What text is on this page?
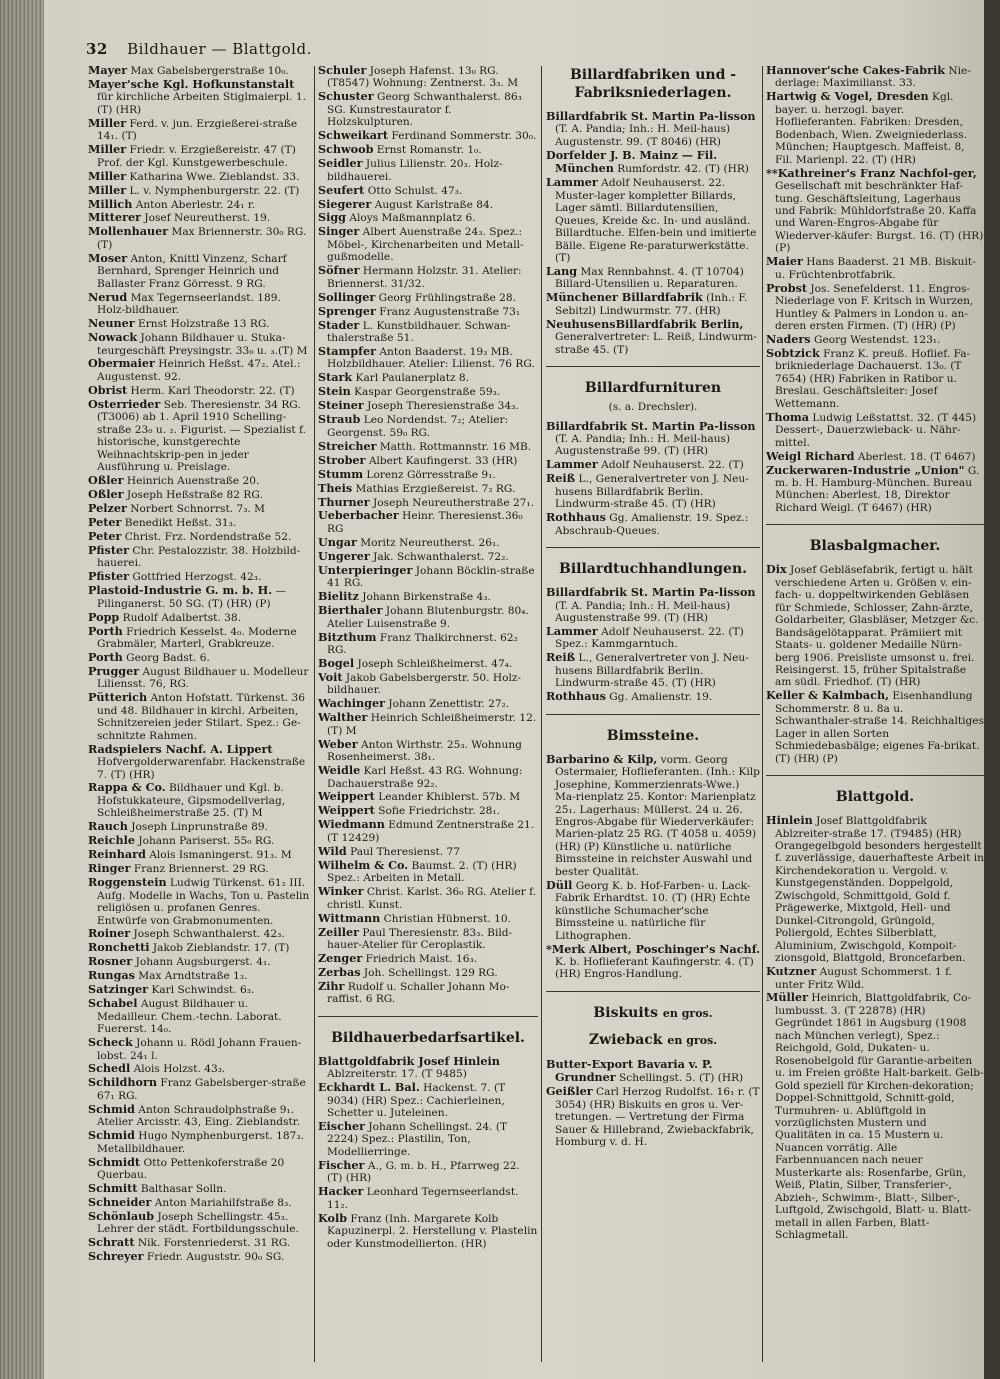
32 Bildhauer — Blattgold.
Mayer Max Gabelsbergerstraße 10₀.
Mayer'sche Kgl. Hofkunstanstalt für kirchliche Arbeiten Stiglmaierpl. 1. (T) (HR)
Miller Ferd. v. jun. Erzgießerei-straße 14₁. (T)
Miller Friedr. v. Erzgießereistr. 47 (T) Prof. der Kgl. Kunstgewerbeschule.
Miller Katharina Wwe. Zieblandst. 33.
Miller L. v. Nymphenburgerstr. 22. (T)
Millich Anton Aberlestr. 24₁ r.
Mitterer Josef Neureutherst. 19.
Mollenhauer Max Briennerstr. 30₀ RG. (T)
Moser Anton, Knittl Vinzenz, Scharf Bernhard, Sprenger Heinrich und Ballaster Franz Görresst. 9 RG.
Nerud Max Tegernseerlandst. 189. Holz-bildhauer.
Neuner Ernst Holzstraße 13 RG.
Nowack Johann Bildhauer u. Stuka-teurgeschäft Preysingstr. 33₀ u. ₃.(T) M
Obermaier Heinrich Heßst. 47₂. Atel.: Augustenst. 92.
Obrist Herm. Karl Theodorstr. 22. (T)
Osterrieder Seb. Theresienstr. 34 RG. (T3006) ab 1. April 1910 Schelling-straße 23₀ u. ₂. Figurist. — Spezialist f. historische, kunstgerechte Weihnachtskrip-pen in jeder Ausführung u. Preislage.
Oßler Heinrich Auenstraße 20.
Oßler Joseph Heßstraße 82 RG.
Pelzer Norbert Schnorrst. 7₃. M
Peter Benedikt Heßst. 31₃.
Peter Christ. Frz. Nordendstraße 52.
Pfister Chr. Pestalozzistr. 38. Holzbild-hauerei.
Pfister Gottfried Herzogst. 42₃.
Plastoid-Industrie G. m. b. H. — Pilinganerst. 50 SG. (T) (HR) (P)
Popp Rudolf Adalbertst. 38.
Porth Friedrich Kesselst. 4₀. Moderne Grabmäler, Marterl, Grabkreuze.
Porth Georg Badst. 6.
Prugger August Bildhauer u. Modelleur Liliensst. 76, RG.
Pütterich Anton Hofstatt. Türkenst. 36 und 48. Bildhauer in kirchl. Arbeiten, Schnitzereien jeder Stilart. Spez.: Ge-schnitzte Rahmen.
Radspielers Nachf. A. Lippert Hofvergolderwarenfabr. Hackenstraße 7. (T) (HR)
Rappa & Co. Bildhauer und Kgl. b. Hofstukkateure, Gipsmodellverlag, Schleißheimerstraße 25. (T) M
Rauch Joseph Linprunstraße 89.
Reichle Johann Pariserst. 55₀ RG.
Reinhard Alois Ismaningerst. 91₃. M
Ringer Franz Briennerst. 29 RG.
Roggenstein Ludwig Türkenst. 61₂ III. Aufg. Modelle in Wachs, Ton u. Pastelin religiösen u. profanen Genres. Entwürfe von Grabmonumenten.
Roiner Joseph Schwanthalerst. 42₃.
Ronchetti Jakob Zieblandstr. 17. (T)
Rosner Johann Augsburgerst. 4₁.
Rungas Max Arndtstraße 1₃.
Satzinger Karl Schwindst. 6₃.
Schabel August Bildhauer u. Medailleur. Chem.-techn. Laborat. Fuererst. 14₀.
Scheck Johann u. Rödl Johann Frauen-lobst. 24₁ l.
Schedl Alois Holzst. 43₃.
Schildhorn Franz Gabelsberger-straße 67₁ RG.
Schmid Anton Schraudolphstraße 9₁. Atelier Arcisstr. 43, Eing. Zieblandstr.
Schmid Hugo Nymphenburgerst. 187₃. Metallbildhauer.
Schmidt Otto Pettenkoferstraße 20 Querbau.
Schmitt Balthasar Solln.
Schneider Anton Mariahilfstraße 8₃.
Schönlaub Joseph Schellingstr. 45₃. Lehrer der städt. Fortbildungsschule.
Schratt Nik. Forstenriederst. 31 RG.
Schreyer Friedr. Auguststr. 90₀ SG.
Schuler Joseph Hafenst. 13₀ RG. (T8547) Wohnung: Zentnerst. 3₃. M
Schuster Georg Schwanthalerst. 86₃ SG. Kunstrestaurator f. Holzskulpturen.
Schweikart Ferdinand Sommerstr. 30₀.
Schwoob Ernst Romanstr. 1₀.
Seidler Julius Lilienstr. 20₃. Holz-bildhauerei.
Seufert Otto Schulst. 47₃.
Siegerer August Karlstraße 84.
Sigg Aloys Maßmannplatz 6.
Singer Albert Auenstraße 24₃. Spez.: Möbel-, Kirchenarbeiten und Metall-gußmodelle.
Söfner Hermann Holzstr. 31. Atelier: Briennerst. 31/32.
Sollinger Georg Frühlingstraße 28.
Sprenger Franz Augustenstraße 73₁
Stader L. Kunstbildhauer. Schwan-thalerstraße 51.
Stampfer Anton Baaderst. 19₃ MB. Holzbildhauer. Atelier: Lilienst. 76 RG.
Stark Karl Paulanerplatz 8.
Stein Kaspar Georgenstraße 59₃.
Steiner Joseph Theresienstraße 34₃.
Straub Leo Nordendst. 7₂; Atelier: Georgenst. 59₀ RG.
Streicher Matth. Rottmannstr. 16 MB.
Strober Albert Kaufingerst. 33 (HR)
Stumm Lorenz Görresstraße 9₁.
Theis Mathias Erzgießereist. 7₂ RG.
Thurner Joseph Neureutherstraße 27₁.
Ueberbacher Heinr. Theresienst.36₀ RG
Ungar Moritz Neureutherst. 26₁.
Ungerer Jak. Schwanthalerst. 72₂.
Unterpieringer Johann Böcklin-straße 41 RG.
Bielitz Johann Birkenstraße 4₃.
Bierthaler Johann Blutenburgstr. 80₄. Atelier Luisenstraße 9.
Bitzthum Franz Thalkirchnerst. 62₂ RG.
Bogel Joseph Schleißheimerst. 47₄.
Voit Jakob Gabelsbergerstr. 50. Holz-bildhauer.
Wachinger Johann Zenettistr. 27₂.
Walther Heinrich Schleißheimerstr. 12. (T) M
Weber Anton Wirthstr. 25₃. Wohnung Rosenheimerst. 38₁.
Weidle Karl Heßst. 43 RG. Wohnung: Dachauerstraße 92₂.
Weippert Leander Khiblerst. 57b. M
Weippert Sofie Friedrichstr. 28₁.
Wiedmann Edmund Zentnerstraße 21. (T 12429)
Wild Paul Theresienst. 77
Wilhelm & Co. Baumst. 2. (T) (HR) Spez.: Arbeiten in Metall.
Winker Christ. Karlst. 36₀ RG. Atelier f. christl. Kunst.
Wittmann Christian Hübnerst. 10.
Zeiller Paul Theresienstr. 83₃. Bild-hauer-Atelier für Ceroplastik.
Zenger Friedrich Maist. 16₃.
Zerbas Joh. Schellingst. 129 RG.
Zihr Rudolf u. Schaller Johann Mo-raffist. 6 RG.
Bildhauerbedarfsartikel.
Blattgoldfabrik Josef Hinlein Ablzreiterstr. 17. (T 9485)
Eckhardt L. Bal. Hackenst. 7. (T 9034) (HR) Spez.: Cachierleinen, Schetter u. Juteleinen.
Eischer Johann Schellingst. 24. (T 2224) Spez.: Plastilin, Ton, Modellierringe.
Fischer A., G. m. b. H., Pfarrweg 22. (T) (HR)
Hacker Leonhard Tegernseerlandst. 11₂.
Kolb Franz (Inh. Margarete Kolb Kapuzinerpl. 2. Herstellung v. Plastelin oder Kunstmodellierton. (HR)
Billardfabriken und -Fabriksniederlagen.
Billardfabrik St. Martin Pa-lisson (T. A. Pandia; Inh.: H. Meil-haus) Augustenstr. 99. (T 8046) (HR)
Dorfelder J. B. Mainz — Fil. München Rumfordstr. 42. (T) (HR)
Lammer Adolf Neuhauserst. 22. Muster-lager kompletter Billards, Lager sämtl. Billardutensilien, Queues, Kreide &c. In- und ausländ. Billardtuche. Elfen-bein und imitierte Bälle. Eigene Re-paraturwerkstätte. (T)
Lang Max Rennbahnst. 4. (T 10704) Billard-Utensilien u. Reparaturen.
Münchener Billardfabrik (Inh.: F. Sebitzl) Lindwurmstr. 77. (HR)
NeuhusensBillardfabrik Berlin, Generalvertreter: L. Reiß, Lindwurm-straße 45. (T)
Billardfurnituren
(s. a. Drechsler).
Billardfabrik St. Martin Pa-lisson (T. A. Pandia; Inh.: H. Meil-haus) Augustenstraße 99. (T) (HR)
Lammer Adolf Neuhauserst. 22. (T)
Reiß L., Generalvertreter von J. Neu-husens Billardfabrik Berlin. Lindwurm-straße 45. (T) (HR)
Rothhaus Gg. Amalienstr. 19. Spez.: Abschraub-Queues.
Billardtuchhandlungen.
Billardfabrik St. Martin Pa-lisson (T. A. Pandia; Inh.: H. Meil-haus) Augustenstraße 99. (T) (HR)
Lammer Adolf Neuhauserst. 22. (T) Spez.: Kammgarntuch.
Reiß L., Generalvertreter von J. Neu-husens Billardfabrik Berlin. Lindwurm-straße 45. (T) (HR)
Rothhaus Gg. Amalienstr. 19.
Bimssteine.
Barbarino & Kilp, vorm. Georg Ostermaier, Hoflieferanten. (Inh.: Kilp Josephine, Kommerzienrats-Wwe.) Ma-rienplatz 25. Kontor: Marienplatz 25₁. Lagerhaus: Müllerst. 24 u. 26. Engros-Abgabe für Wiederverkäufer: Marien-platz 25 RG. (T 4058 u. 4059) (HR) (P) Künstliche u. natürliche Bimssteine in reichster Auswahl und bester Qualität.
Düll Georg K. b. Hof-Farben- u. Lack-Fabrik Erhardtst. 10. (T) (HR) Echte künstliche Schumacher'sche Bimssteine u. natürliche für Lithographen.
*Merk Albert, Poschinger's Nachf. K. b. Hoflieferant Kaufingerstr. 4. (T) (HR) Engros-Handlung.
Biskuits en gros.
Zwieback en gros.
Butter-Export Bavaria v. P. Grundner Schellingst. 5. (T) (HR)
Geißler Carl Herzog Rudolfst. 16₁ r. (T 3054) (HR) Biskuits en gros u. Ver-tretungen. — Vertretung der Firma Sauer & Hillebrand, Zwiebackfabrik, Homburg v. d. H.
Hannover'sche Cakes-Fabrik Nie-derlage: Maximilianst. 33.
Hartwig & Vogel, Dresden Kgl. bayer. u. herzogl. bayer. Hoflieferanten. Fabriken: Dresden, Bodenbach, Wien. Zweigniederlass. München; Hauptgesch. Maffeist. 8, Fil. Marienpl. 22. (T) (HR)
**Kathreiner's Franz Nachfol-ger, Gesellschaft mit beschränkter Haf-tung. Geschäftsleitung, Lagerhaus und Fabrik: Mühldorfstraße 20. Kaffa und Waren-Engros-Abgabe für Wiederver-käufer: Burgst. 16. (T) (HR) (P)
Maier Hans Baaderst. 21 MB. Biskuit-u. Früchtenbrotfabrik.
Probst Jos. Senefelderst. 11. Engros-Niederlage von F. Kritsch in Wurzen, Huntley & Palmers in London u. an-deren ersten Firmen. (T) (HR) (P)
Naders Georg Westendst. 123₁.
Sobtzick Franz K. preuß. Hoflief. Fa-brikniederlage Dachauerst. 13₀. (T 7654) (HR) Fabriken in Ratibor u. Breslau. Geschäftsleiter: Josef Wettemann.
Thoma Ludwig Leßstattst. 32. (T 445) Dessert-, Dauerzwieback- u. Nähr-mittel.
Weigl Richard Aberlest. 18. (T 6467)
Zuckerwaren-Industrie „Union" G. m. b. H. Hamburg-München. Bureau München: Aberlest. 18, Direktor Richard Weigl. (T 6467) (HR)
Blasbalgmacher.
Dix Josef Gebläsefabrik, fertigt u. hält verschiedene Arten u. Größen v. ein-fach- u. doppeltwirkenden Gebläsen für Schmiede, Schlosser, Zahn-ärzte, Goldarbeiter, Glasbläser, Metzger &c. Bandsägelötapparat. Prämiiert mit Staats- u. goldener Medaille Nürn-berg 1906. Preisliste umsonst u. frei. Reisingerst. 15, früher Spitalstraße am südl. Friedhof. (T) (HR)
Keller & Kalmbach, Eisenhandlung Schommerstr. 8 u. 8a u. Schwanthaler-straße 14. Reichhaltiges Lager in allen Sorten Schmiedebasbälge; eigenes Fa-brikat. (T) (HR) (P)
Blattgold.
Hinlein Josef Blattgoldfabrik Ablzreiter-straße 17. (T9485) (HR) Orangegelbgold besonders hergestellt f. zuverlässige, dauerhafteste Arbeit in Kirchendekoration u. Vergold. v. Kunstgegenständen. Doppelgold, Zwischgold, Schmittgold, Gold f. Prägewerke, Mixtgold, Hell- und Dunkel-Citrongold, Grüngold, Poliergold, Echtes Silberblatt, Aluminium, Zwischgold, Kompoit-zionsgold, Blattgold, Broncefarben.
Kutzner August Schommerst. 1 f. unter Fritz Wild.
Müller Heinrich, Blattgoldfabrik, Co-lumbusst. 3. (T 22878) (HR) Gegründet 1861 in Augsburg (1908 nach München verlegt), Spez.: Reichgold, Gold, Dukaten- u. Rosenobelgold für Garantie-arbeiten u. im Freien größte Halt-barkeit. Gelb-Gold speziell für Kirchen-dekoration; Doppel-Schnittgold, Schnitt-gold, Turmuhren- u. Ablüftgold in vorzüglichsten Mustern und Qualitäten in ca. 15 Mustern u. Nuancen vorrätig. Alle Farbennuancen nach neuer Musterkarte als: Rosenfarbe, Grün, Weiß, Platin, Silber, Transferier-, Abzieh-, Schwimm-, Blatt-, Silber-, Luftgold, Zwischgold, Blatt- u. Blatt-metall in allen Farben, Blatt-Schlagmetall.
